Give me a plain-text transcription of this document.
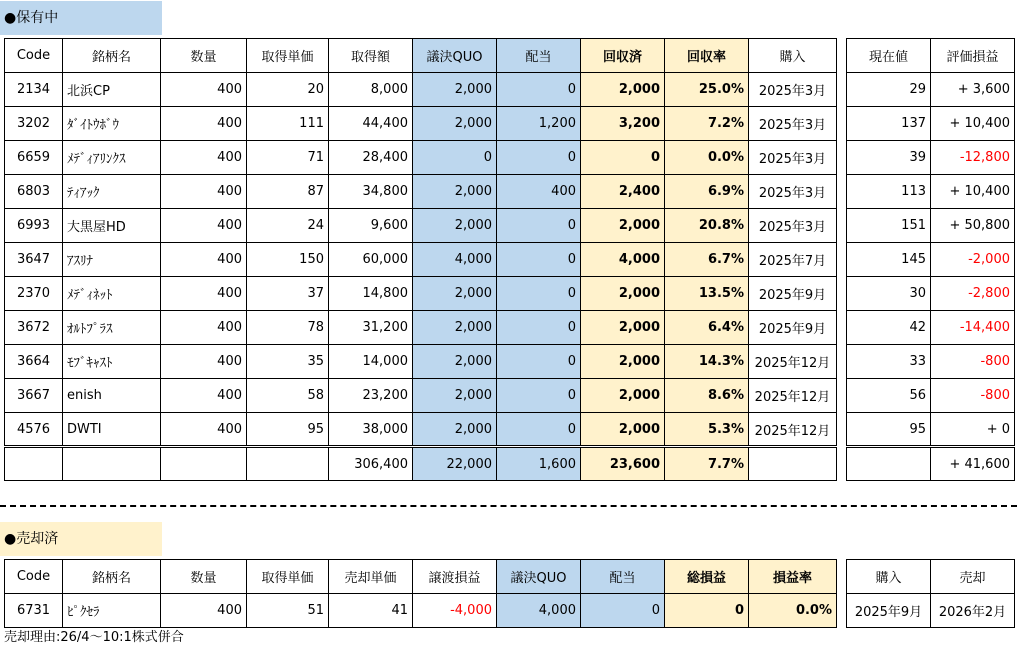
●保有中
Code	銘柄名	数量	取得単価	取得額	議決QUO	配当	回収済	回収率	購入
2134	北浜CP	400	20	8,000	2,000	0	2,000	25.0%	2025年3月
3202	ﾀﾞｲﾄｳﾎﾞｳ	400	111	44,400	2,000	1,200	3,200	7.2%	2025年3月
6659	ﾒﾃﾞｨｱﾘﾝｸｽ	400	71	28,400	0	0	0	0.0%	2025年3月
6803	ﾃｨｱｯｸ	400	87	34,800	2,000	400	2,400	6.9%	2025年3月
6993	大黒屋HD	400	24	9,600	2,000	0	2,000	20.8%	2025年3月
3647	ｱｽﾘﾅ	400	150	60,000	4,000	0	4,000	6.7%	2025年7月
2370	ﾒﾃﾞｨﾈｯﾄ	400	37	14,800	2,000	0	2,000	13.5%	2025年9月
3672	ｵﾙﾄﾌﾟﾗｽ	400	78	31,200	2,000	0	2,000	6.4%	2025年9月
3664	ﾓﾌﾞｷｬｽﾄ	400	35	14,000	2,000	0	2,000	14.3%	2025年12月
3667	enish	400	58	23,200	2,000	0	2,000	8.6%	2025年12月
4576	DWTI	400	95	38,000	2,000	0	2,000	5.3%	2025年12月
				306,400	22,000	1,600	23,600	7.7%	
現在値	評価損益
29	+ 3,600
137	+ 10,400
39	-12,800
113	+ 10,400
151	+ 50,800
145	-2,000
30	-2,800
42	-14,400
33	-800
56	-800
95	+ 0
	+ 41,600
●売却済
Code	銘柄名	数量	取得単価	売却単価	譲渡損益	議決QUO	配当	総損益	損益率
6731	ﾋﾟｸｾﾗ	400	51	41	-4,000	4,000	0	0	0.0%
購入	売却
2025年9月	2026年2月
売却理由:26/4～10:1株式併合
